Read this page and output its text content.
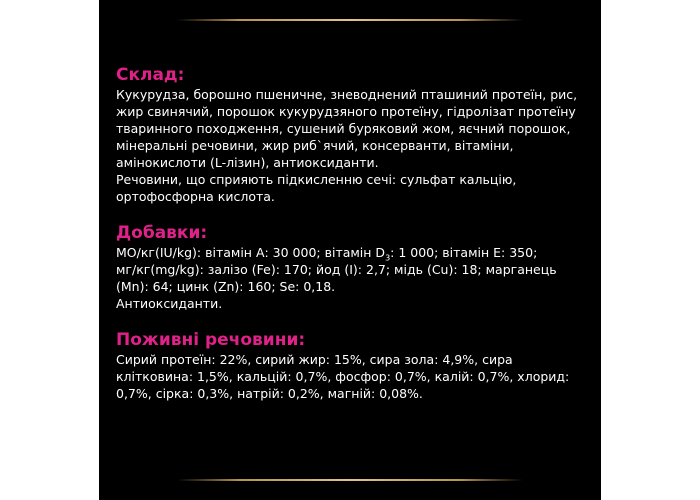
Склад:

Кукурудза, борошно пшеничне, зневоднений пташиний протеїн, рис, жир свинячий, порошок кукурудзяного протеїну, гідролізат протеїну тваринного походження, сушений буряковий жом, яєчний порошок, мінеральні речовини, жир риб`ячий, консерванти, вітаміни, амінокислоти (L-лізин), антиоксиданти.

Речовини, що сприяють підкисленню сечі: сульфат кальцію, ортофосфорна кислота.

Добавки:

МО/кг(IU/kg): вітамін А: 30 000; вітамін $D_3$: 1 000; вітамін Е: 350;

мг/кг(mg/kg): залізо (Fe): 170; йод (I): 2,7; мідь (Cu): 18; марганець (Mn): 64; цинк (Zn): 160; Se: 0,18.

Антиоксиданти.

Поживні речовини:

Сирий протеїн: 22%, сирий жир: 15%, сира зола: 4,9%, сира клітковина: 1,5%, кальцій: 0,7%, фосфор: 0,7%, калій: 0,7%, хлорид: 0,7%, сірка: 0,3%, натрій: 0,2%, магній: 0,08%.
